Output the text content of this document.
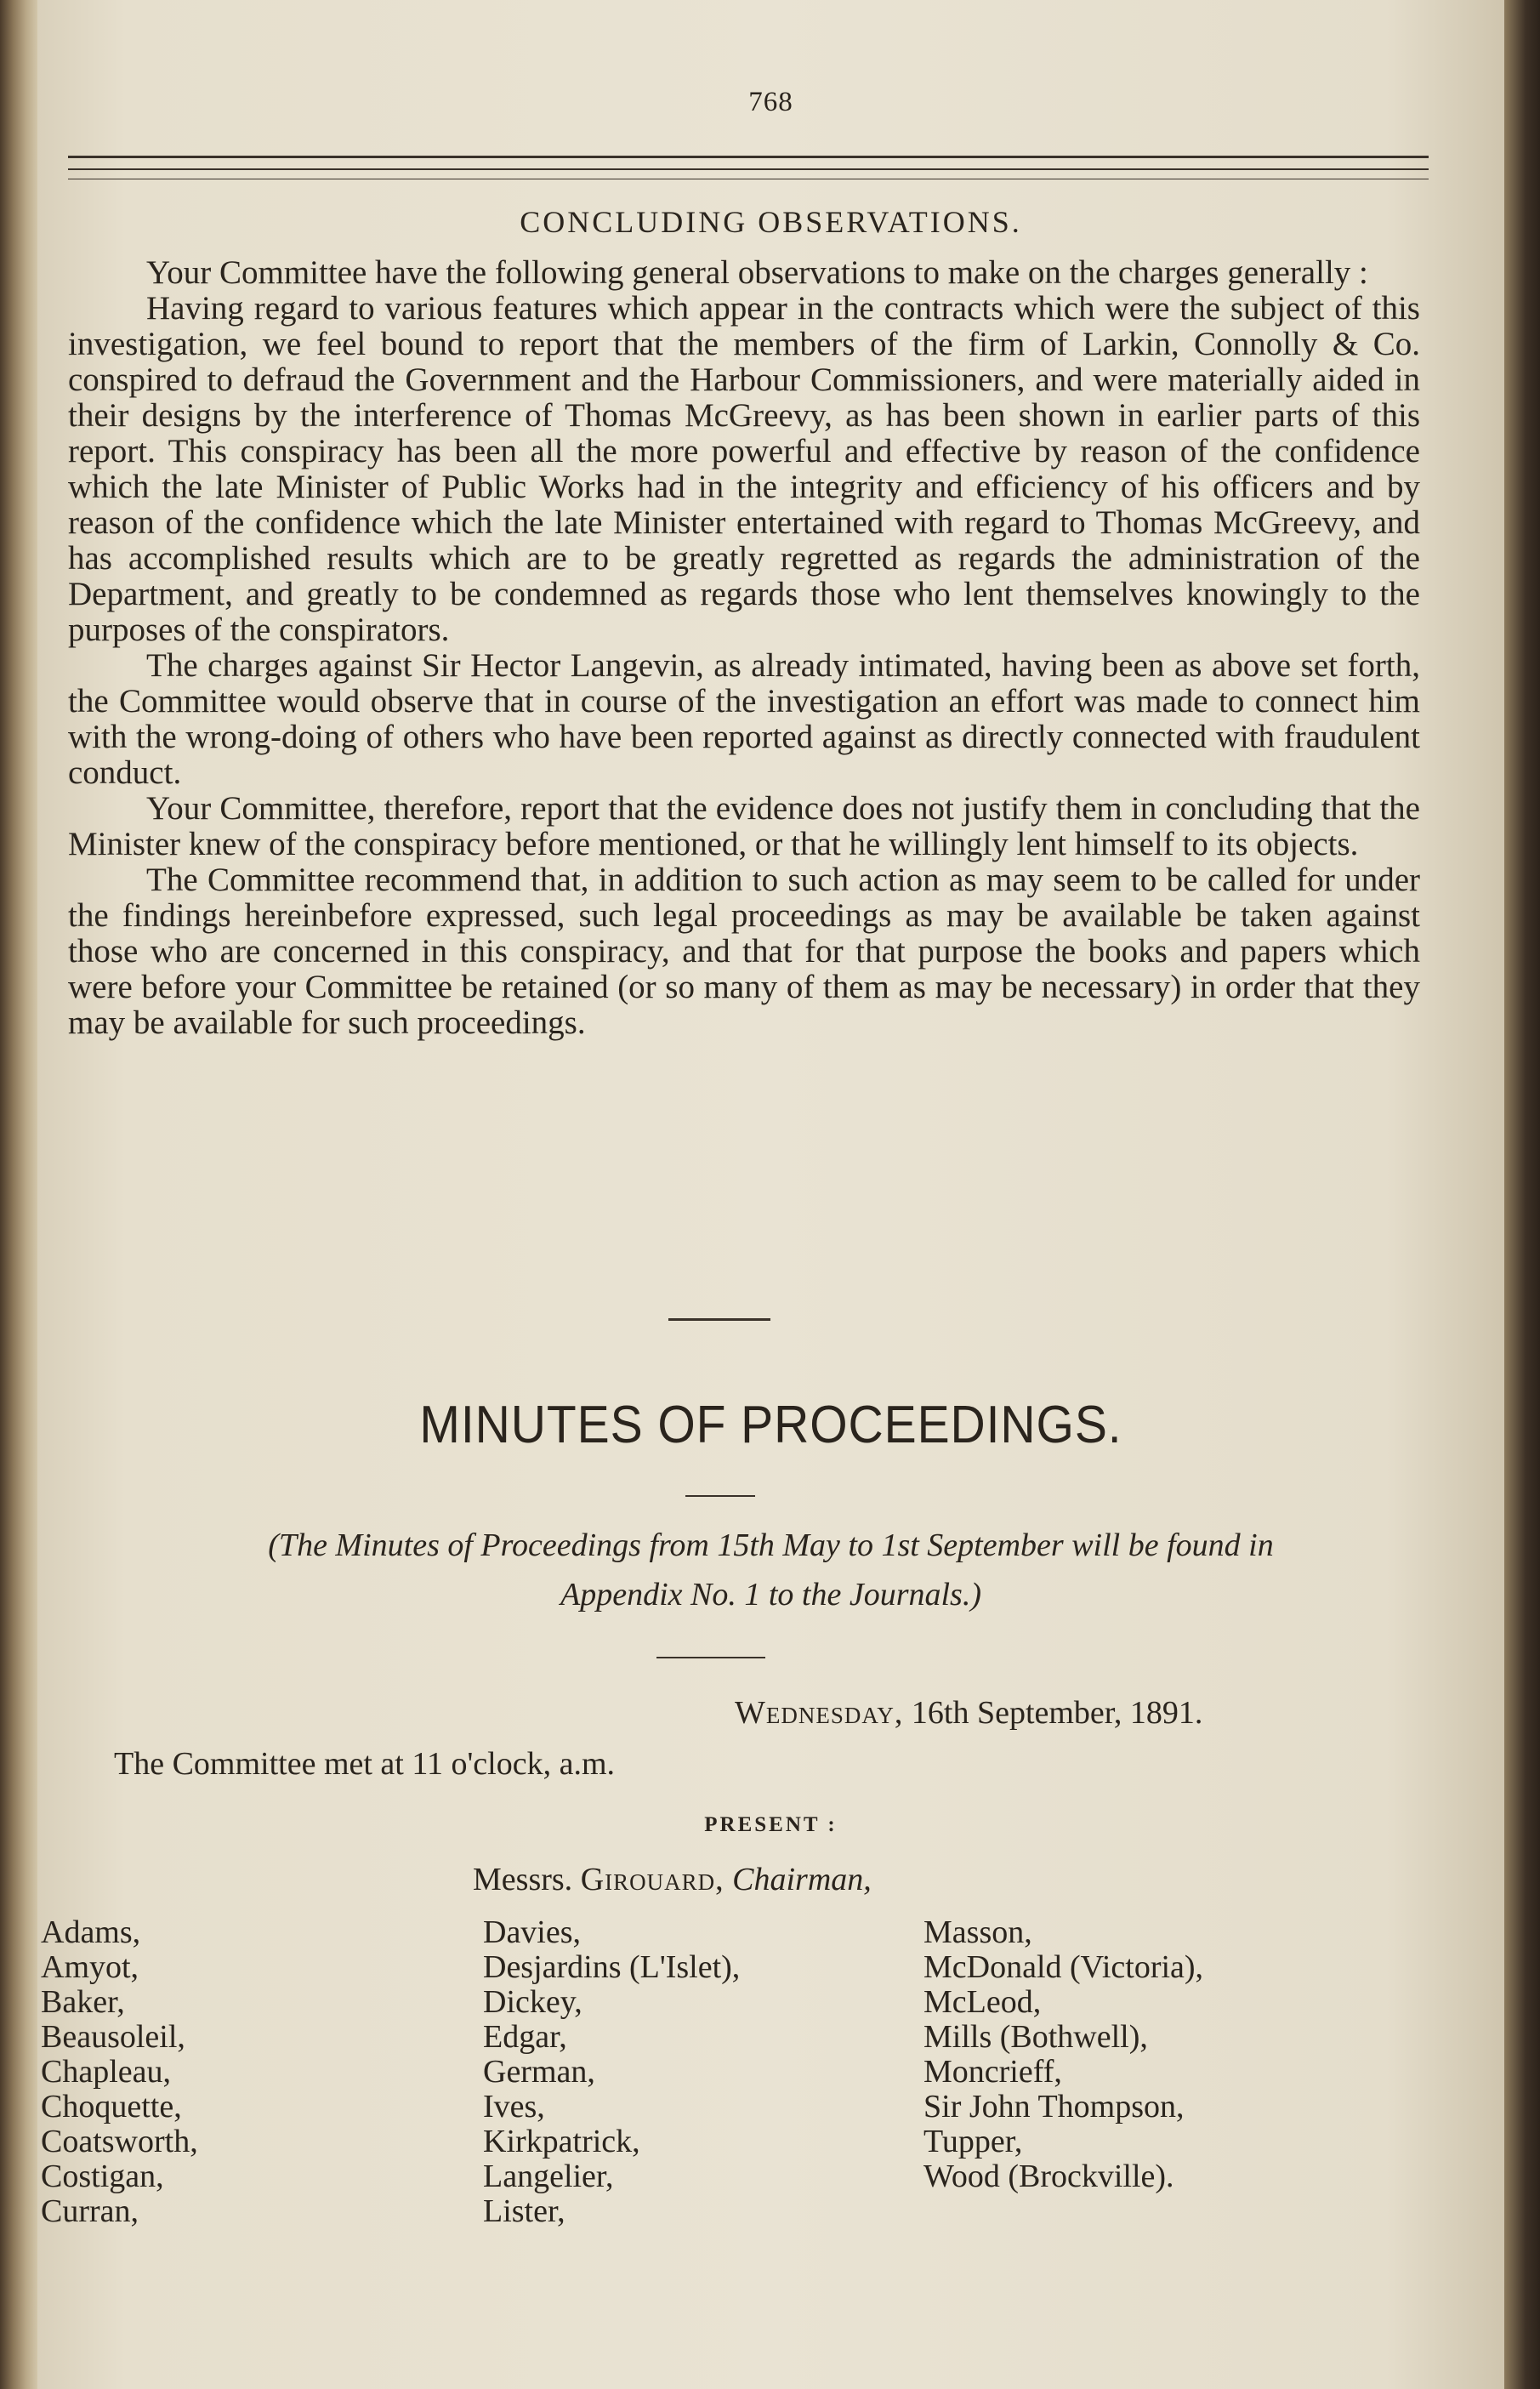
768
CONCLUDING OBSERVATIONS.

Your Committee have the following general observations to make on the charges generally :

Having regard to various features which appear in the contracts which were the subject of this investigation, we feel bound to report that the members of the firm of Larkin, Connolly & Co. conspired to defraud the Government and the Harbour Commissioners, and were materially aided in their designs by the interference of Thomas McGreevy, as has been shown in earlier parts of this report. This conspiracy has been all the more powerful and effective by reason of the confidence which the late Minister of Public Works had in the integrity and efficiency of his officers and by reason of the confidence which the late Minister entertained with regard to Thomas McGreevy, and has accomplished results which are to be greatly regretted as regards the administration of the Department, and greatly to be condemned as regards those who lent themselves knowingly to the purposes of the conspirators.

The charges against Sir Hector Langevin, as already intimated, having been as above set forth, the Committee would observe that in course of the investigation an effort was made to connect him with the wrong-doing of others who have been reported against as directly connected with fraudulent conduct.

Your Committee, therefore, report that the evidence does not justify them in concluding that the Minister knew of the conspiracy before mentioned, or that he willingly lent himself to its objects.

The Committee recommend that, in addition to such action as may seem to be called for under the findings hereinbefore expressed, such legal proceedings as may be available be taken against those who are concerned in this conspiracy, and that for that purpose the books and papers which were before your Committee be retained (or so many of them as may be necessary) in order that they may be available for such proceedings.

MINUTES OF PROCEEDINGS.
(The Minutes of Proceedings from 15th May to 1st September will be found in
Appendix No. 1 to the Journals.)
Wednesday, 16th September, 1891.
The Committee met at 11 o'clock, a.m.
PRESENT :
Messrs. Girouard, Chairman,
Adams,
Amyot,
Baker,
Beausoleil,
Chapleau,
Choquette,
Coatsworth,
Costigan,
Curran,
Davies,
Desjardins (L'Islet),
Dickey,
Edgar,
German,
Ives,
Kirkpatrick,
Langelier,
Lister,
Masson,
McDonald (Victoria),
McLeod,
Mills (Bothwell),
Moncrieff,
Sir John Thompson,
Tupper,
Wood (Brockville).
